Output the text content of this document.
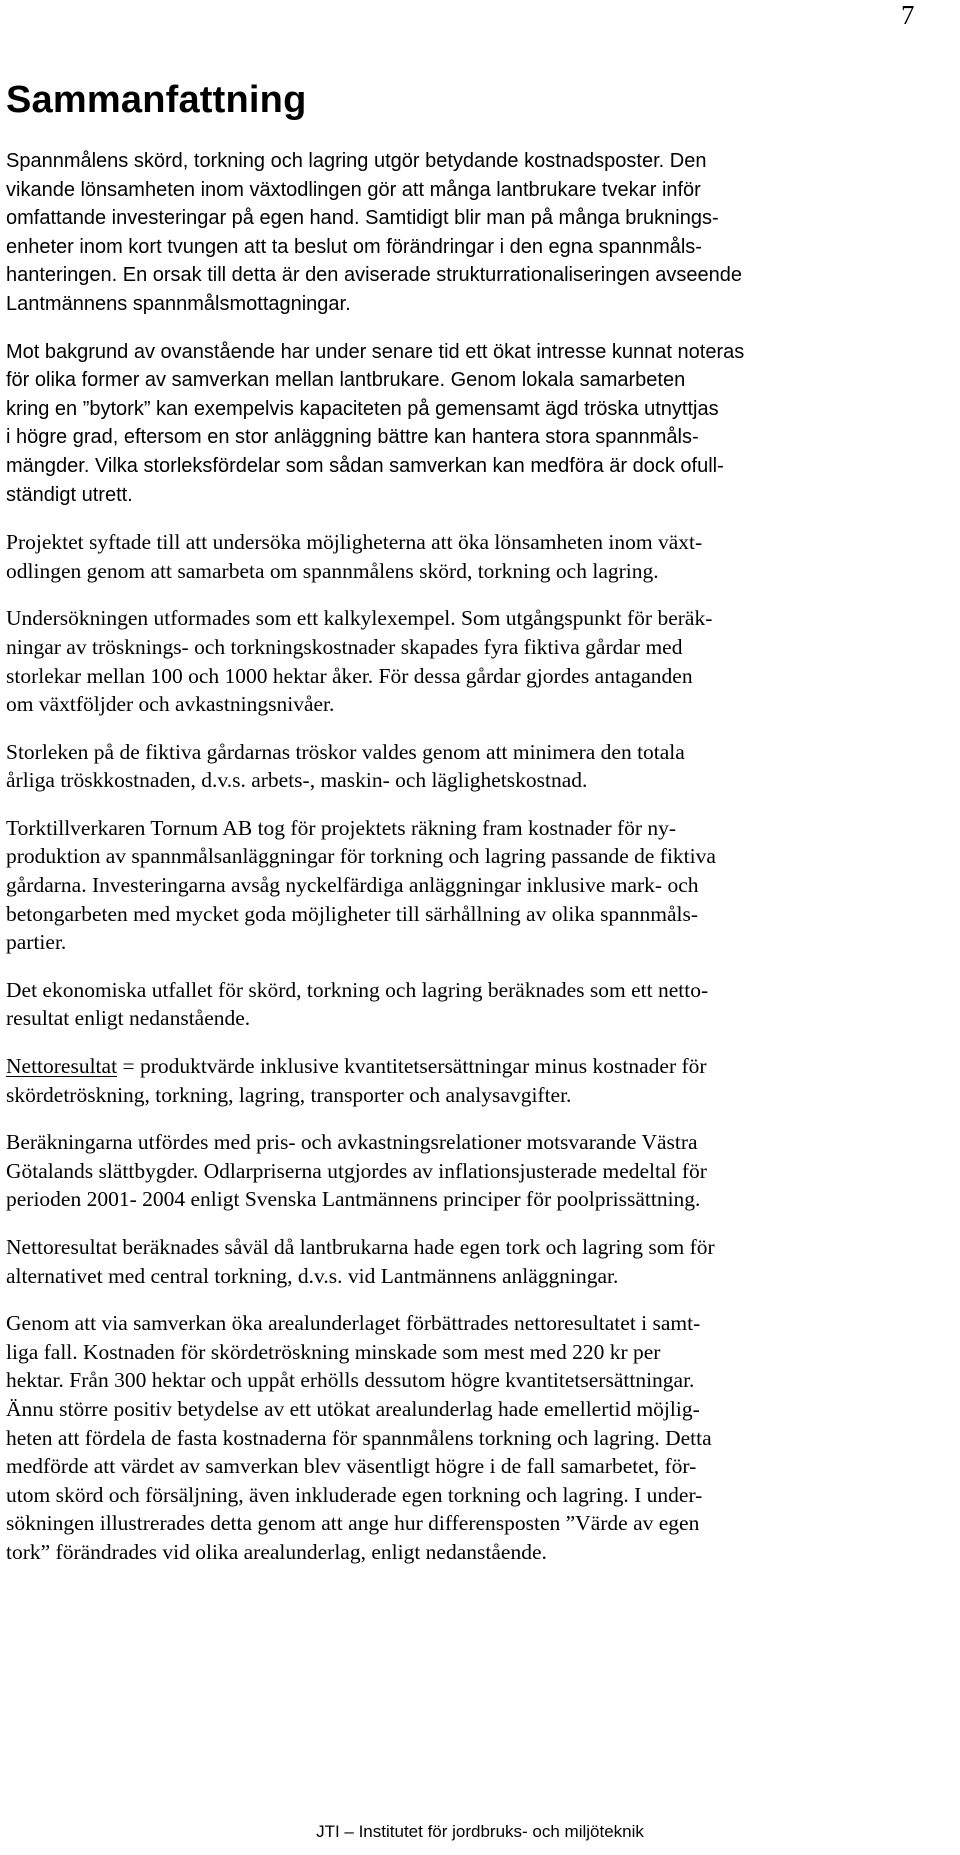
7
Sammanfattning

Spannmålens skörd, torkning och lagring utgör betydande kostnadsposter. Den
vikande lönsamheten inom växtodlingen gör att många lantbrukare tvekar inför
omfattande investeringar på egen hand. Samtidigt blir man på många bruknings-
enheter inom kort tvungen att ta beslut om förändringar i den egna spannmåls-
hanteringen. En orsak till detta är den aviserade strukturrationaliseringen avseende
Lantmännens spannmålsmottagningar.

Mot bakgrund av ovanstående har under senare tid ett ökat intresse kunnat noteras
för olika former av samverkan mellan lantbrukare. Genom lokala samarbeten
kring en ”bytork” kan exempelvis kapaciteten på gemensamt ägd tröska utnyttjas
i högre grad, eftersom en stor anläggning bättre kan hantera stora spannmåls-
mängder. Vilka storleksfördelar som sådan samverkan kan medföra är dock ofull-
ständigt utrett.

Projektet syftade till att undersöka möjligheterna att öka lönsamheten inom växt-
odlingen genom att samarbeta om spannmålens skörd, torkning och lagring.

Undersökningen utformades som ett kalkylexempel. Som utgångspunkt för beräk-
ningar av trösknings- och torkningskostnader skapades fyra fiktiva gårdar med
storlekar mellan 100 och 1000 hektar åker. För dessa gårdar gjordes antaganden
om växtföljder och avkastningsnivåer.

Storleken på de fiktiva gårdarnas tröskor valdes genom att minimera den totala
årliga tröskkostnaden, d.v.s. arbets-, maskin- och läglighetskostnad.

Torktillverkaren Tornum AB tog för projektets räkning fram kostnader för ny-
produktion av spannmålsanläggningar för torkning och lagring passande de fiktiva
gårdarna. Investeringarna avsåg nyckelfärdiga anläggningar inklusive mark- och
betongarbeten med mycket goda möjligheter till särhållning av olika spannmåls-
partier.

Det ekonomiska utfallet för skörd, torkning och lagring beräknades som ett netto-
resultat enligt nedanstående.

Nettoresultat = produktvärde inklusive kvantitetsersättningar minus kostnader för
skördetröskning, torkning, lagring, transporter och analysavgifter.

Beräkningarna utfördes med pris- och avkastningsrelationer motsvarande Västra
Götalands slättbygder. Odlarpriserna utgjordes av inflationsjusterade medeltal för
perioden 2001- 2004 enligt Svenska Lantmännens principer för poolprissättning.

Nettoresultat beräknades såväl då lantbrukarna hade egen tork och lagring som för
alternativet med central torkning, d.v.s. vid Lantmännens anläggningar.

Genom att via samverkan öka arealunderlaget förbättrades nettoresultatet i samt-
liga fall. Kostnaden för skördetröskning minskade som mest med 220 kr per
hektar. Från 300 hektar och uppåt erhölls dessutom högre kvantitetsersättningar.
Ännu större positiv betydelse av ett utökat arealunderlag hade emellertid möjlig-
heten att fördela de fasta kostnaderna för spannmålens torkning och lagring. Detta
medförde att värdet av samverkan blev väsentligt högre i de fall samarbetet, för-
utom skörd och försäljning, även inkluderade egen torkning och lagring. I under-
sökningen illustrerades detta genom att ange hur differensposten ”Värde av egen
tork” förändrades vid olika arealunderlag, enligt nedanstående.

JTI – Institutet för jordbruks- och miljöteknik
